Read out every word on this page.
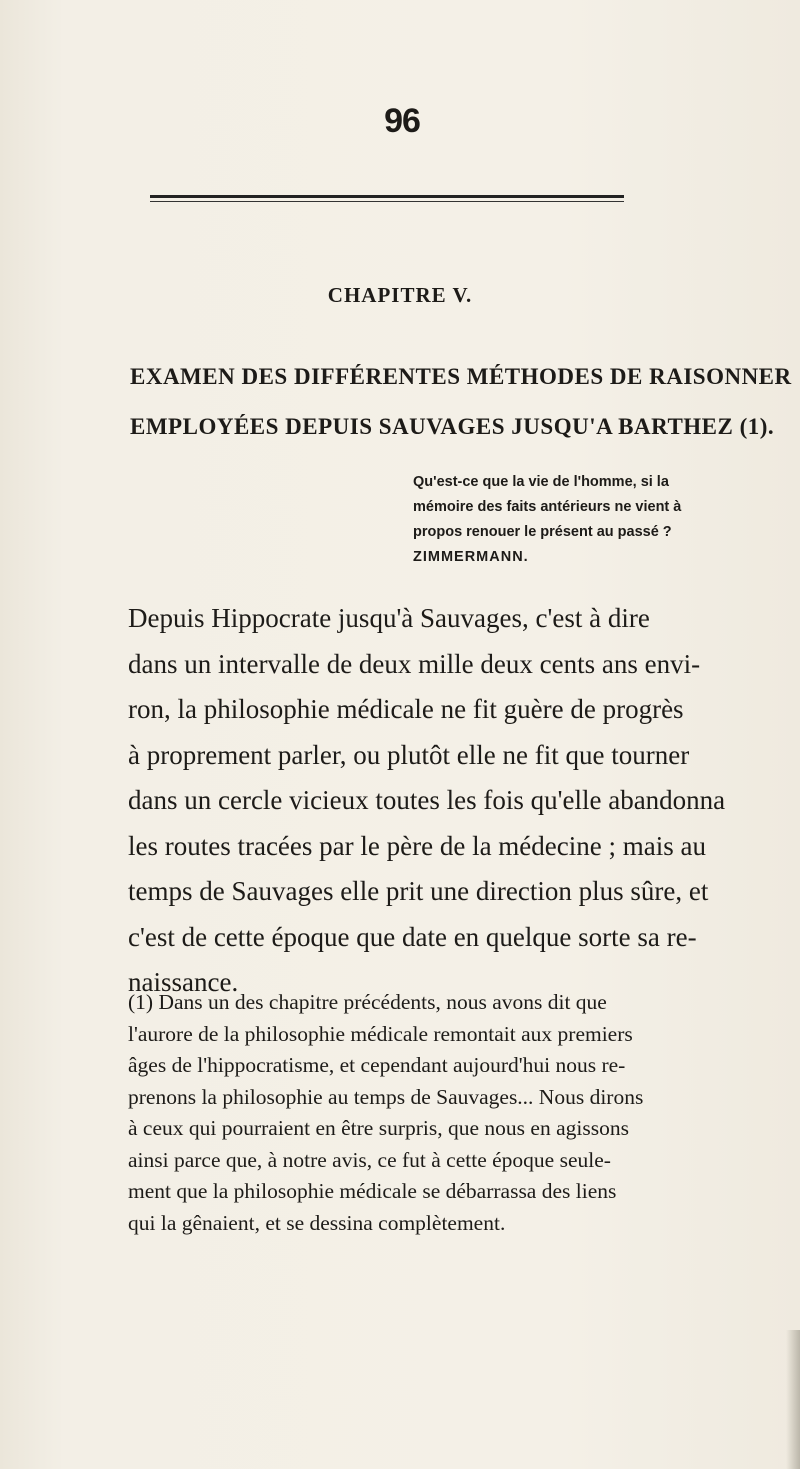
96
CHAPITRE V.
EXAMEN DES DIFFÉRENTES MÉTHODES DE RAISONNER
EMPLOYÉES DEPUIS SAUVAGES JUSQU'A BARTHEZ (1).
Qu'est-ce que la vie de l'homme, si la
mémoire des faits antérieurs ne vient à
propos renouer le présent au passé ?
ZIMMERMANN.
Depuis Hippocrate jusqu'à Sauvages, c'est à dire
dans un intervalle de deux mille deux cents ans envi-
ron, la philosophie médicale ne fit guère de progrès
à proprement parler, ou plutôt elle ne fit que tourner
dans un cercle vicieux toutes les fois qu'elle abandonna
les routes tracées par le père de la médecine ; mais au
temps de Sauvages elle prit une direction plus sûre, et
c'est de cette époque que date en quelque sorte sa re-
naissance.
(1) Dans un des chapitre précédents, nous avons dit que
l'aurore de la philosophie médicale remontait aux premiers
âges de l'hippocratisme, et cependant aujourd'hui nous re-
prenons la philosophie au temps de Sauvages... Nous dirons
à ceux qui pourraient en être surpris, que nous en agissons
ainsi parce que, à notre avis, ce fut à cette époque seule-
ment que la philosophie médicale se débarrassa des liens
qui la gênaient, et se dessina complètement.
